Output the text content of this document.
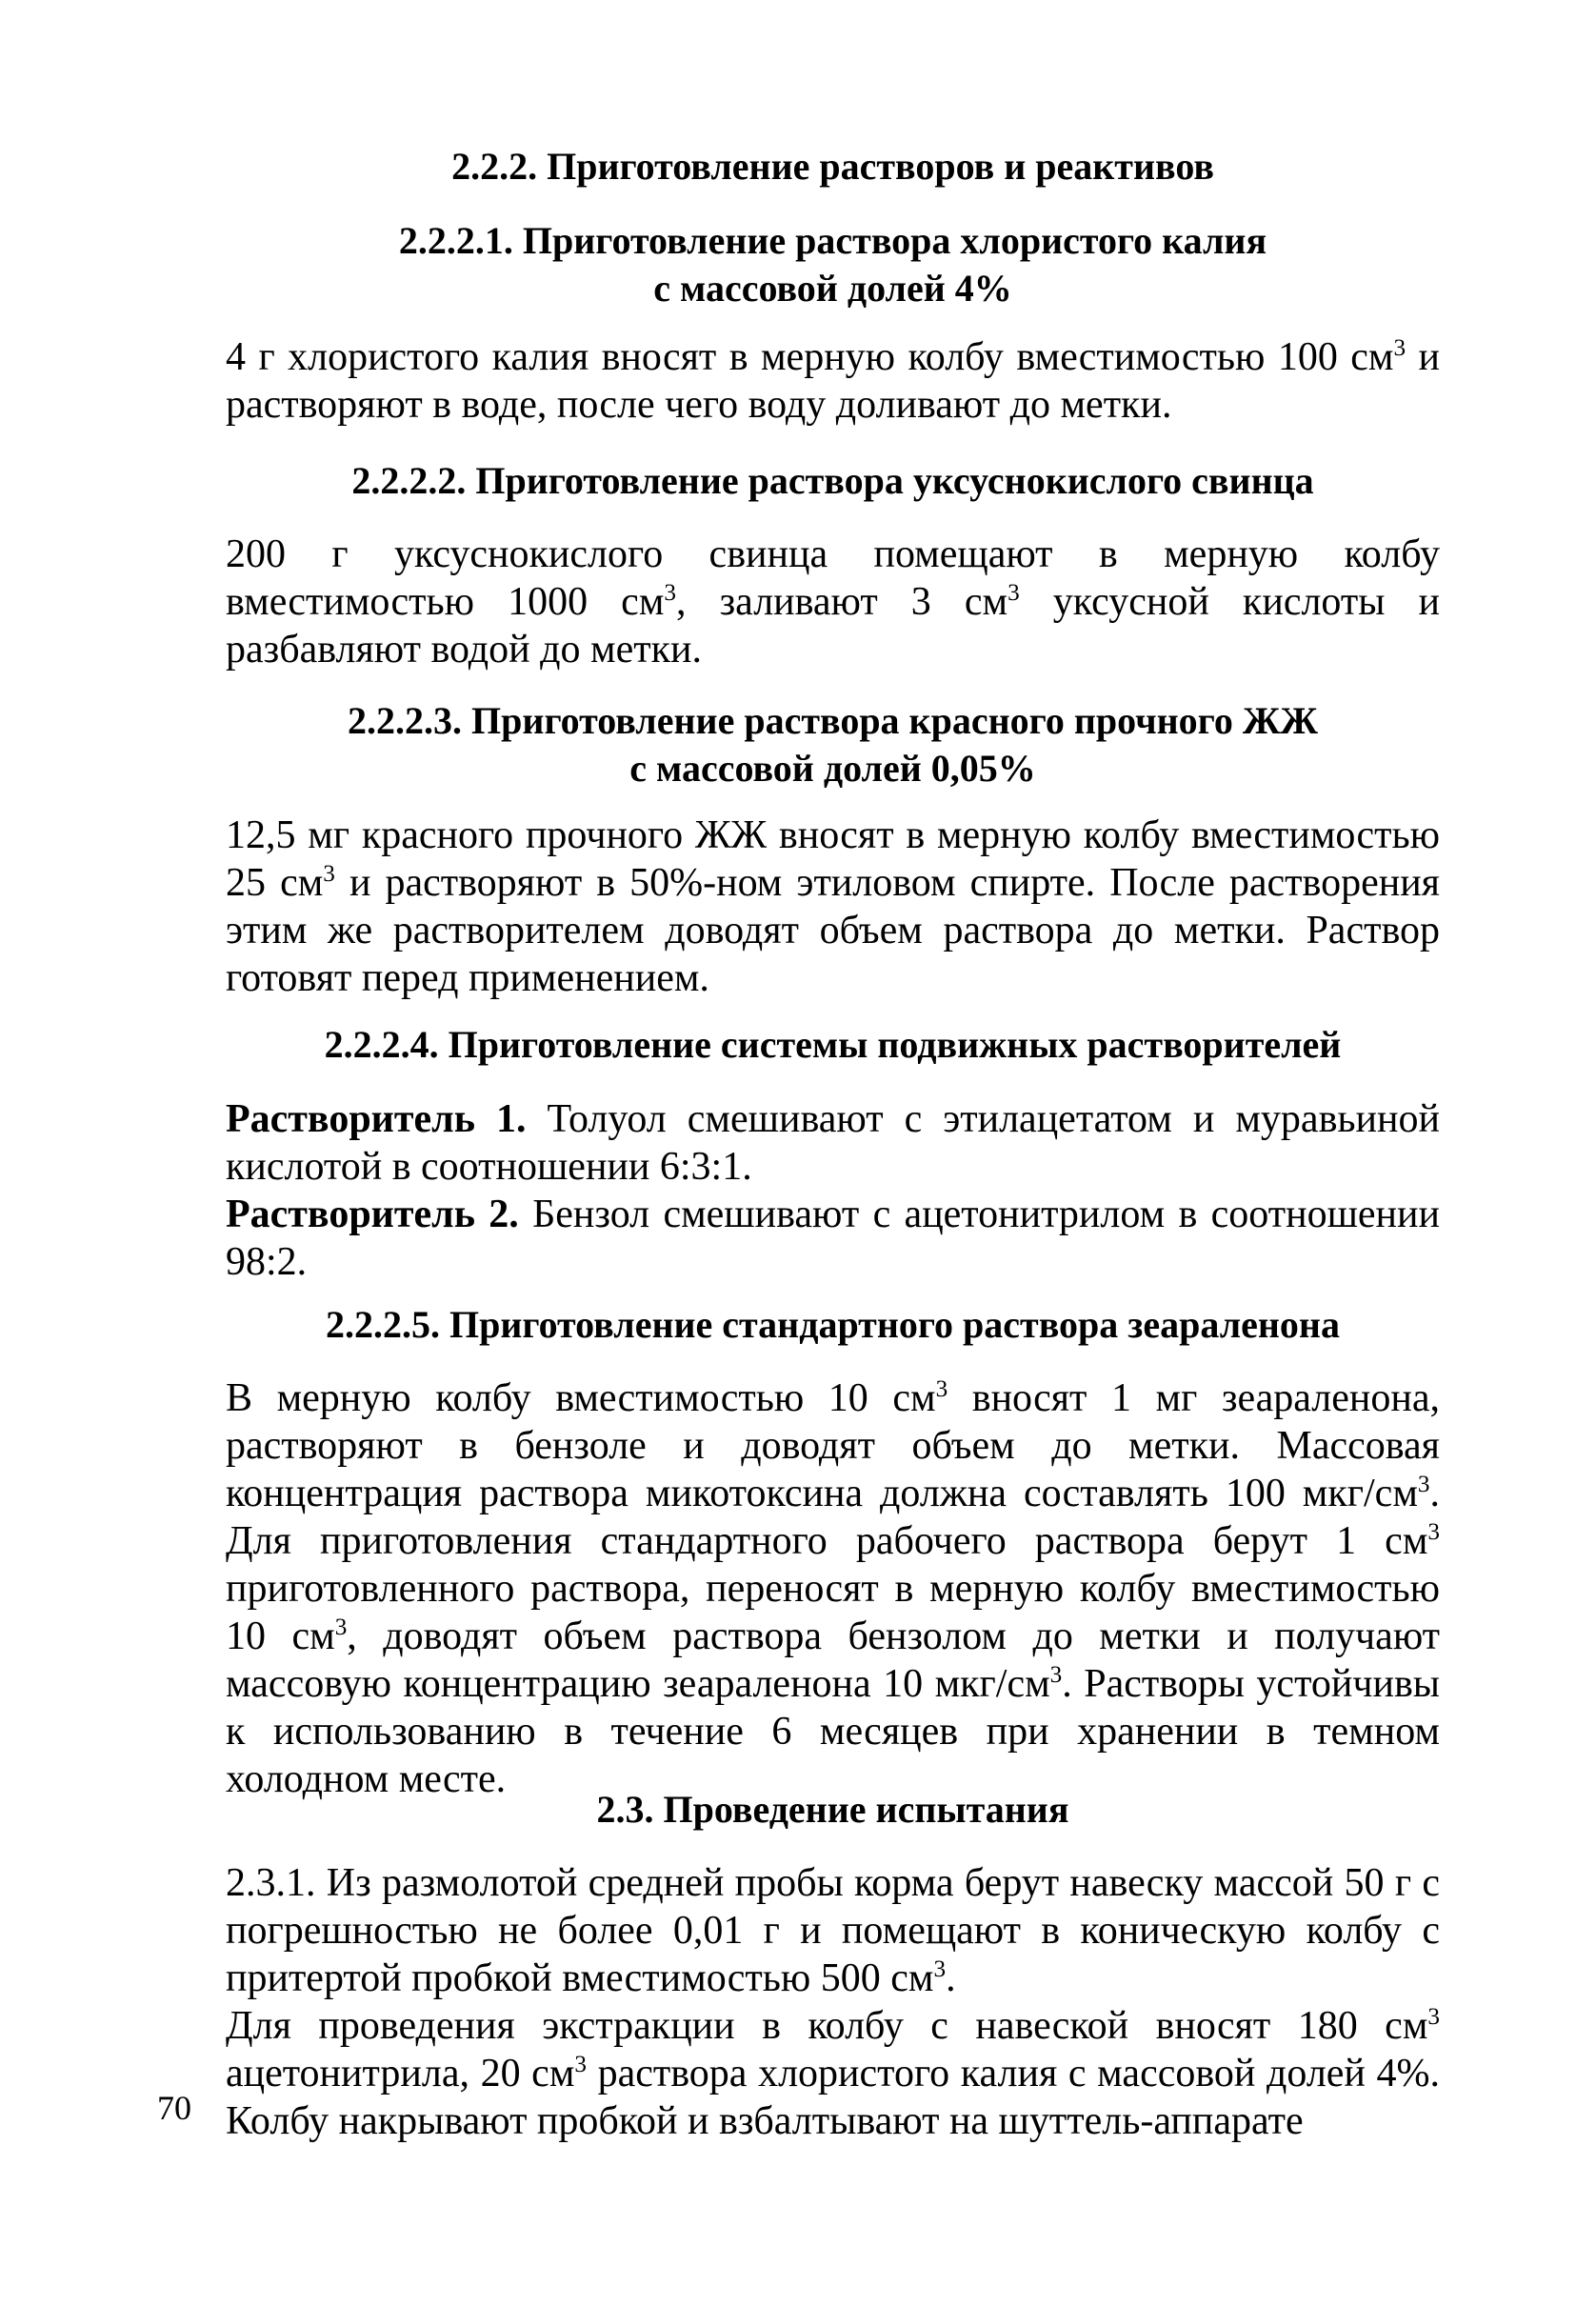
2.2.2. Приготовление растворов и реактивов

2.2.2.1. Приготовление раствора хлористого калия

с массовой долей 4%

4 г хлористого калия вносят в мерную колбу вместимостью 100 $см^3$ и растворяют в воде, после чего воду доливают до метки.

2.2.2.2. Приготовление раствора уксуснокислого свинца

200 г уксуснокислого свинца помещают в мерную колбу вместимостью 1000 $см^3$, заливают 3 $см^3$ уксусной кислоты и разбавляют водой до метки.

2.2.2.3. Приготовление раствора красного прочного ЖЖ

с массовой долей 0,05%

12,5 мг красного прочного ЖЖ вносят в мерную колбу вместимостью 25 $см^3$ и растворяют в 50%-ном этиловом спирте. После растворения этим же растворителем доводят объем раствора до метки. Раствор готовят перед применением.

2.2.2.4. Приготовление системы подвижных растворителей

Растворитель 1. Толуол смешивают с этилацетатом и муравьиной кислотой в соотношении 6:3:1.

Растворитель 2. Бензол смешивают с ацетонитрилом в соотношении 98:2.

2.2.2.5. Приготовление стандартного раствора зеараленона

В мерную колбу вместимостью 10 $см^3$ вносят 1 мг зеараленона, растворяют в бензоле и доводят объем до метки. Массовая концентрация раствора микотоксина должна составлять 100 мкг/$см^3$. Для приготовления стандартного рабочего раствора берут 1 $см^3$ приготовленного раствора, переносят в мерную колбу вместимостью 10 $см^3$, доводят объем раствора бензолом до метки и получают массовую концентрацию зеараленона 10 мкг/$см^3$. Растворы устойчивы к использованию в течение 6 месяцев при хранении в темном холодном месте.

2.3. Проведение испытания

2.3.1. Из размолотой средней пробы корма берут навеску массой 50 г с погрешностью не более 0,01 г и помещают в коническую колбу с притертой пробкой вместимостью 500 $см^3$.

Для проведения экстракции в колбу с навеской вносят 180 $см^3$ ацетонитрила, 20 $см^3$ раствора хлористого калия с массовой долей 4%. Колбу накрывают пробкой и взбалтывают на шуттель-аппарате

70
